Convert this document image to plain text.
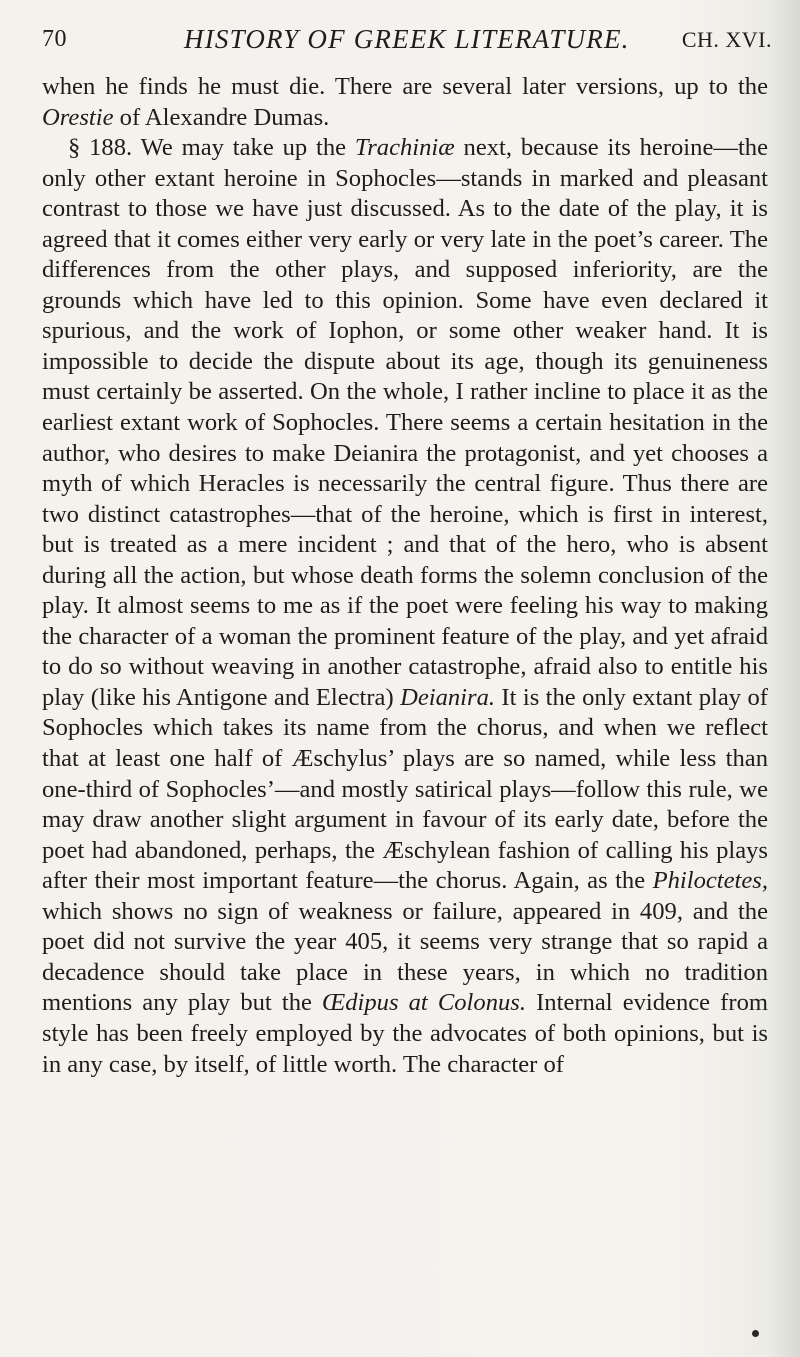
70	HISTORY OF GREEK LITERATURE. CH. XVI.

when he finds he must die. There are several later versions, up to the Orestie of Alexandre Dumas.

§ 188. We may take up the Trachiniæ next, because its heroine—the only other extant heroine in Sophocles—stands in marked and pleasant contrast to those we have just discussed. As to the date of the play, it is agreed that it comes either very early or very late in the poet’s career. The differences from the other plays, and supposed inferiority, are the grounds which have led to this opinion. Some have even declared it spurious, and the work of Iophon, or some other weaker hand. It is impossible to decide the dispute about its age, though its genuineness must certainly be asserted. On the whole, I rather incline to place it as the earliest extant work of Sophocles. There seems a certain hesitation in the author, who desires to make Deianira the protagonist, and yet chooses a myth of which Heracles is necessarily the central figure. Thus there are two distinct catastrophes—that of the heroine, which is first in interest, but is treated as a mere incident ; and that of the hero, who is absent during all the action, but whose death forms the solemn conclusion of the play. It almost seems to me as if the poet were feeling his way to making the character of a woman the prominent feature of the play, and yet afraid to do so without weaving in another catastrophe, afraid also to entitle his play (like his Antigone and Electra) Deianira. It is the only extant play of Sophocles which takes its name from the chorus, and when we reflect that at least one half of Æschylus’ plays are so named, while less than one-third of Sophocles’—and mostly satirical plays—follow this rule, we may draw another slight argument in favour of its early date, before the poet had abandoned, perhaps, the Æschylean fashion of calling his plays after their most important feature—the chorus. Again, as the Philoctetes, which shows no sign of weakness or failure, appeared in 409, and the poet did not survive the year 405, it seems very strange that so rapid a decadence should take place in these years, in which no tradition mentions any play but the Œdipus at Colonus. Internal evidence from style has been freely employed by the advocates of both opinions, but is in any case, by itself, of little worth. The character of
